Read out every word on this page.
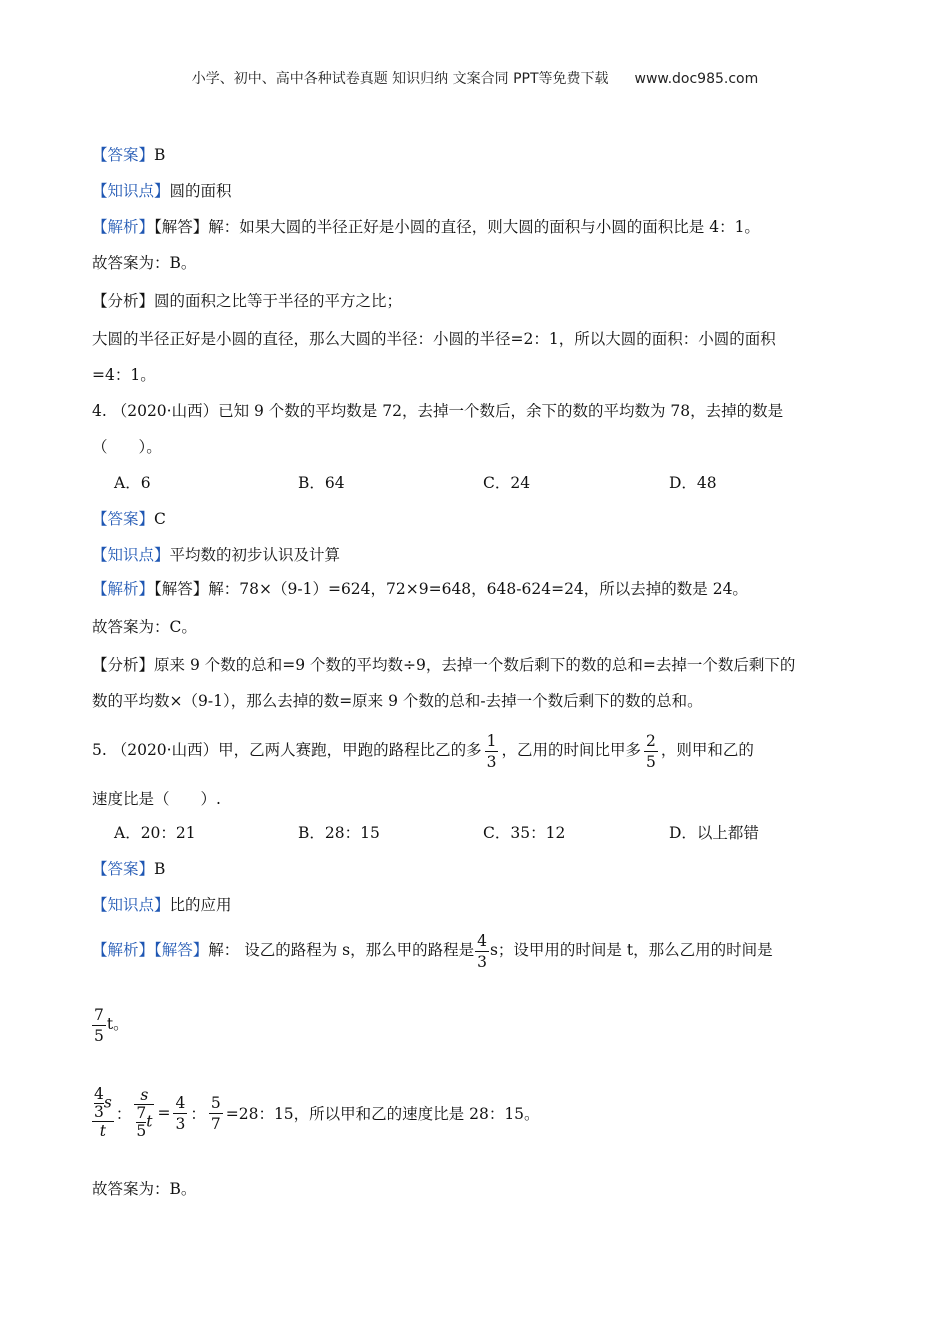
小学、初中、高中各种试卷真题 知识归纳 文案合同 PPT等免费下载 www.doc985.com
【答案】B
【知识点】圆的面积
【解析】【解答】解：如果大圆的半径正好是小圆的直径，则大圆的面积与小圆的面积比是 4：1。
故答案为：B。
【分析】圆的面积之比等于半径的平方之比；
大圆的半径正好是小圆的直径，那么大圆的半径：小圆的半径=2：1，所以大圆的面积：小圆的面积
=4：1。
4. （2020·山西）已知 9 个数的平均数是 72，去掉一个数后，余下的数的平均数为 78，去掉的数是
（　　）。
A．6	B．64	C．24	D．48
【答案】C
【知识点】平均数的初步认识及计算
【解析】【解答】解：78×（9-1）=624，72×9=648，648-624=24，所以去掉的数是 24。
故答案为：C。
【分析】原来 9 个数的总和=9 个数的平均数÷9，去掉一个数后剩下的数的总和=去掉一个数后剩下的
数的平均数×（9-1），那么去掉的数=原来 9 个数的总和-去掉一个数后剩下的数的总和。
5. （2020·山西）甲，乙两人赛跑，甲跑的路程比乙的多 $\frac{1}{3}$ ，乙用的时间比甲多 $\frac{2}{5}$ ，则甲和乙的
速度比是（　　）.
A．20：21	B．28：15	C．35：12	D．以上都错
【答案】B
【知识点】比的应用
【解析】【解答】解： 设乙的路程为 s，那么甲的路程是 $\frac{4}{3}$ s；设甲用的时间是 t，那么乙用的时间是
$\frac{7}{5}$ t。
$\frac{\frac{4}{3} s}{t}$ ： $\frac{s}{\frac{7}{5} t} = \frac{4}{3}$ ： $\frac{5}{7} =28$：15，所以甲和乙的速度比是 28：15。
故答案为：B。
